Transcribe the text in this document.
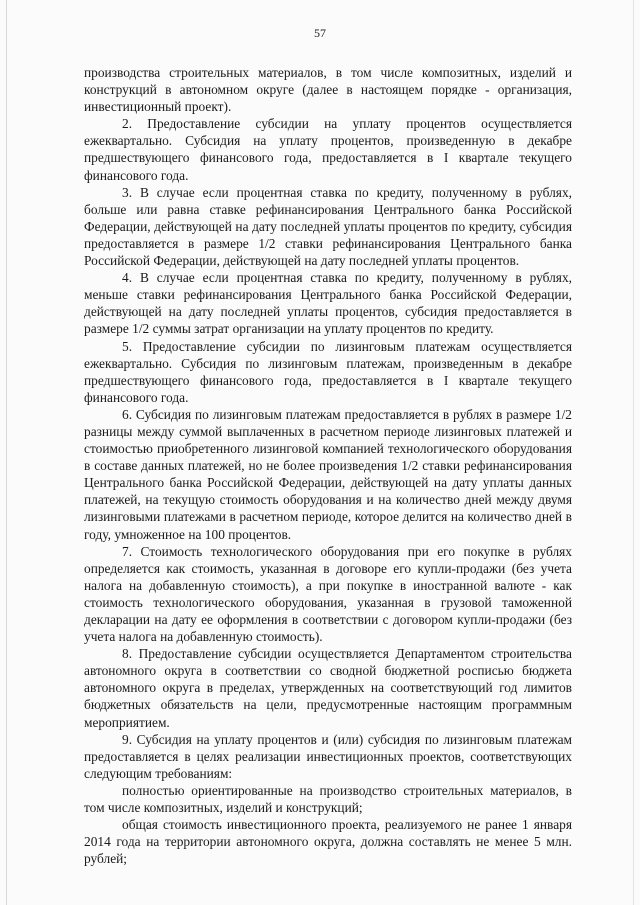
57

производства строительных материалов, в том числе композитных, изделий и конструкций в автономном округе (далее в настоящем порядке - организация, инвестиционный проект).

2. Предоставление субсидии на уплату процентов осуществляется ежеквартально. Субсидия на уплату процентов, произведенную в декабре предшествующего финансового года, предоставляется в I квартале текущего финансового года.

3. В случае если процентная ставка по кредиту, полученному в рублях, больше или равна ставке рефинансирования Центрального банка Российской Федерации, действующей на дату последней уплаты процентов по кредиту, субсидия предоставляется в размере 1/2 ставки рефинансирования Центрального банка Российской Федерации, действующей на дату последней уплаты процентов.

4. В случае если процентная ставка по кредиту, полученному в рублях, меньше ставки рефинансирования Центрального банка Российской Федерации, действующей на дату последней уплаты процентов, субсидия предоставляется в размере 1/2 суммы затрат организации на уплату процентов по кредиту.

5. Предоставление субсидии по лизинговым платежам осуществляется ежеквартально. Субсидия по лизинговым платежам, произведенным в декабре предшествующего финансового года, предоставляется в I квартале текущего финансового года.

6. Субсидия по лизинговым платежам предоставляется в рублях в размере 1/2 разницы между суммой выплаченных в расчетном периоде лизинговых платежей и стоимостью приобретенного лизинговой компанией технологического оборудования в составе данных платежей, но не более произведения 1/2 ставки рефинансирования Центрального банка Российской Федерации, действующей на дату уплаты данных платежей, на текущую стоимость оборудования и на количество дней между двумя лизинговыми платежами в расчетном периоде, которое делится на количество дней в году, умноженное на 100 процентов.

7. Стоимость технологического оборудования при его покупке в рублях определяется как стоимость, указанная в договоре его купли-продажи (без учета налога на добавленную стоимость), а при покупке в иностранной валюте - как стоимость технологического оборудования, указанная в грузовой таможенной декларации на дату ее оформления в соответствии с договором купли-продажи (без учета налога на добавленную стоимость).

8. Предоставление субсидии осуществляется Департаментом строительства автономного округа в соответствии со сводной бюджетной росписью бюджета автономного округа в пределах, утвержденных на соответствующий год лимитов бюджетных обязательств на цели, предусмотренные настоящим программным мероприятием.

9. Субсидия на уплату процентов и (или) субсидия по лизинговым платежам предоставляется в целях реализации инвестиционных проектов, соответствующих следующим требованиям:

полностью ориентированные на производство строительных материалов, в том числе композитных, изделий и конструкций;

общая стоимость инвестиционного проекта, реализуемого не ранее 1 января 2014 года на территории автономного округа, должна составлять не менее 5 млн. рублей;
